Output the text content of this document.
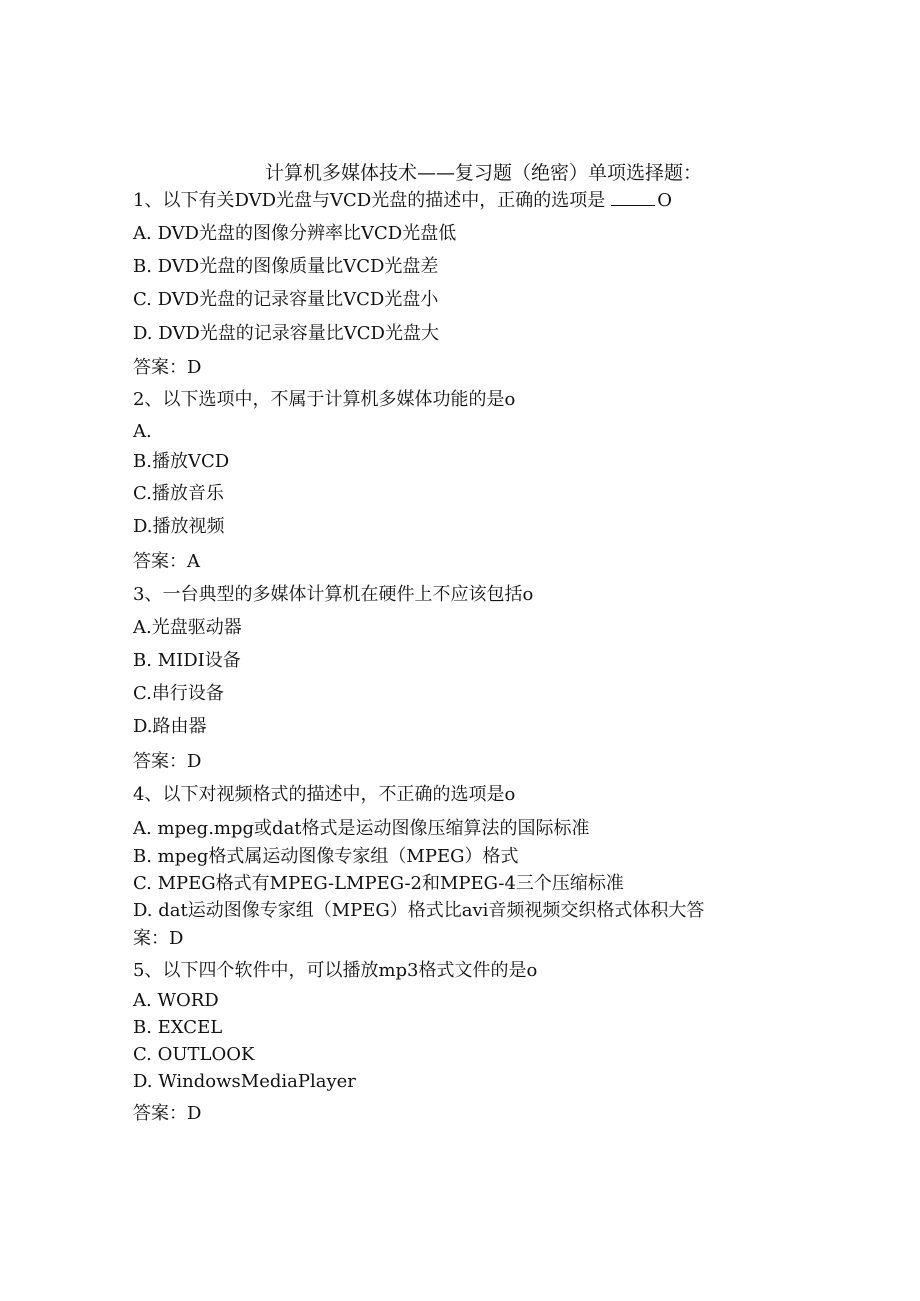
计算机多媒体技术——复习题（绝密）单项选择题：
1、以下有关DVD光盘与VCD光盘的描述中，正确的选项是	O
A. DVD光盘的图像分辨率比VCD光盘低
B. DVD光盘的图像质量比VCD光盘差
C. DVD光盘的记录容量比VCD光盘小
D. DVD光盘的记录容量比VCD光盘大
答案：D
2、以下选项中，不属于计算机多媒体功能的是o
A.
B.播放VCD
C.播放音乐
D.播放视频
答案：A
3、一台典型的多媒体计算机在硬件上不应该包括o
A.光盘驱动器
B. MIDI设备
C.串行设备
D.路由器
答案：D
4、以下对视频格式的描述中，不正确的选项是o
A. mpeg.mpg或dat格式是运动图像压缩算法的国际标准
B. mpeg格式属运动图像专家组（MPEG）格式
C. MPEG格式有MPEG-LMPEG-2和MPEG-4三个压缩标准
D. dat运动图像专家组（MPEG）格式比avi音频视频交织格式体积大答
案：D
5、以下四个软件中，可以播放mp3格式文件的是o
A. WORD
B. EXCEL
C. OUTLOOK
D. WindowsMediaPlayer
答案：D
